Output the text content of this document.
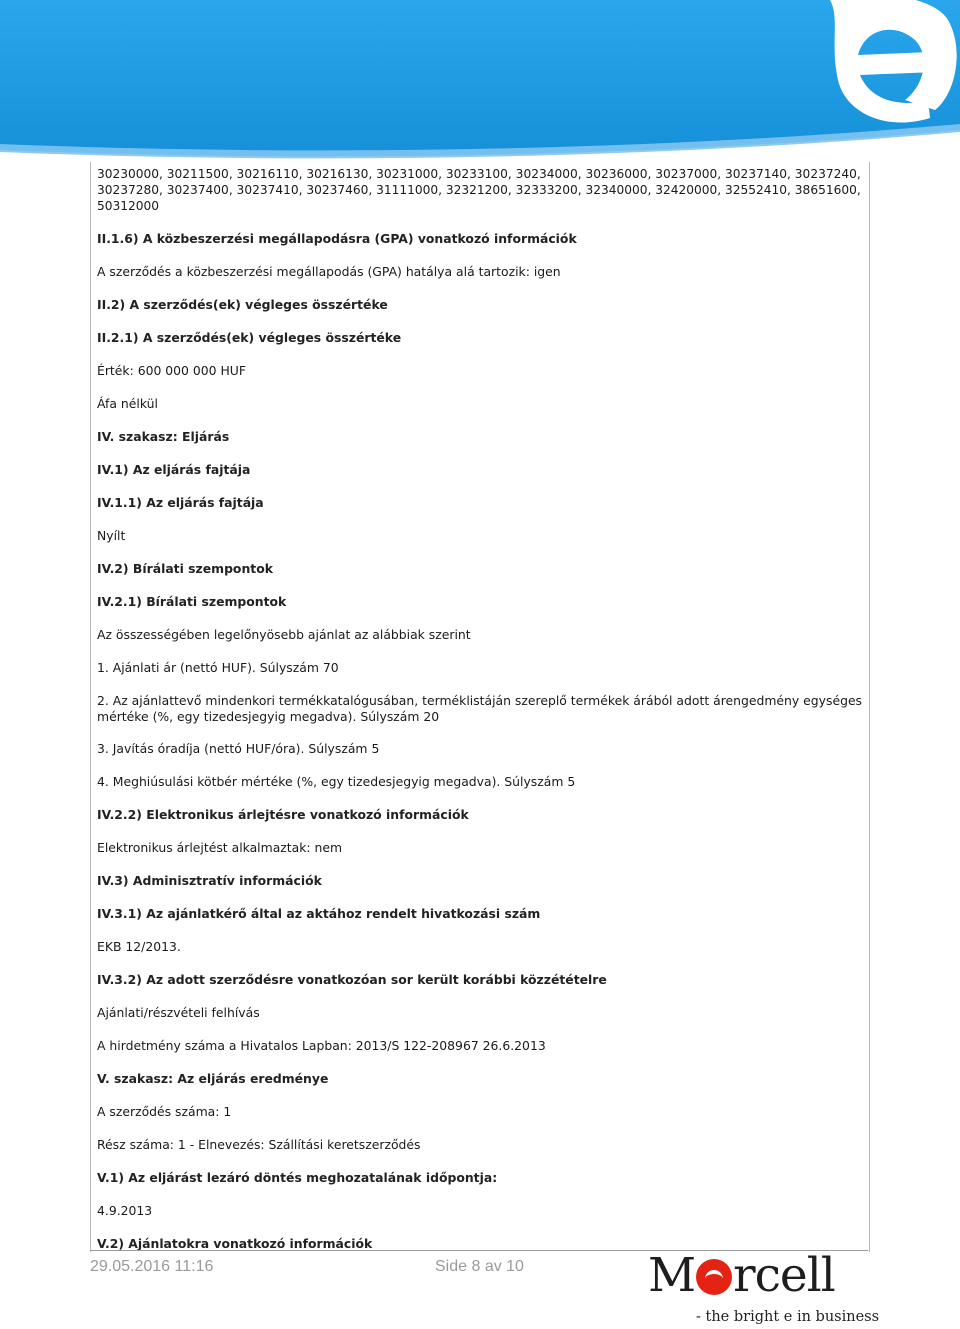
30230000, 30211500, 30216110, 30216130, 30231000, 30233100, 30234000, 30236000, 30237000, 30237140, 30237240, 30237280, 30237400, 30237410, 30237460, 31111000, 32321200, 32333200, 32340000, 32420000, 32552410, 38651600, 50312000

II.1.6) A közbeszerzési megállapodásra (GPA) vonatkozó információk

A szerződés a közbeszerzési megállapodás (GPA) hatálya alá tartozik: igen

II.2) A szerződés(ek) végleges összértéke

II.2.1) A szerződés(ek) végleges összértéke

Érték: 600 000 000 HUF

Áfa nélkül

IV. szakasz: Eljárás

IV.1) Az eljárás fajtája

IV.1.1) Az eljárás fajtája

Nyílt

IV.2) Bírálati szempontok

IV.2.1) Bírálati szempontok

Az összességében legelőnyösebb ajánlat az alábbiak szerint

1. Ajánlati ár (nettó HUF). Súlyszám 70

2. Az ajánlattevő mindenkori termékkatalógusában, terméklistáján szereplő termékek árából adott árengedmény egységes mértéke (%, egy tizedesjegyig megadva). Súlyszám 20

3. Javítás óradíja (nettó HUF/óra). Súlyszám 5

4. Meghiúsulási kötbér mértéke (%, egy tizedesjegyig megadva). Súlyszám 5

IV.2.2) Elektronikus árlejtésre vonatkozó információk

Elektronikus árlejtést alkalmaztak: nem

IV.3) Adminisztratív információk

IV.3.1) Az ajánlatkérő által az aktához rendelt hivatkozási szám

EKB 12/2013.

IV.3.2) Az adott szerződésre vonatkozóan sor került korábbi közzétételre

Ajánlati/részvételi felhívás

A hirdetmény száma a Hivatalos Lapban: 2013/S 122-208967 26.6.2013

V. szakasz: Az eljárás eredménye

A szerződés száma: 1

Rész száma: 1 - Elnevezés: Szállítási keretszerződés

V.1) Az eljárást lezáró döntés meghozatalának időpontja:

4.9.2013

V.2) Ajánlatokra vonatkozó információk

29.05.2016 11:16	Side 8 av 10	M rcell
- the bright e in business
